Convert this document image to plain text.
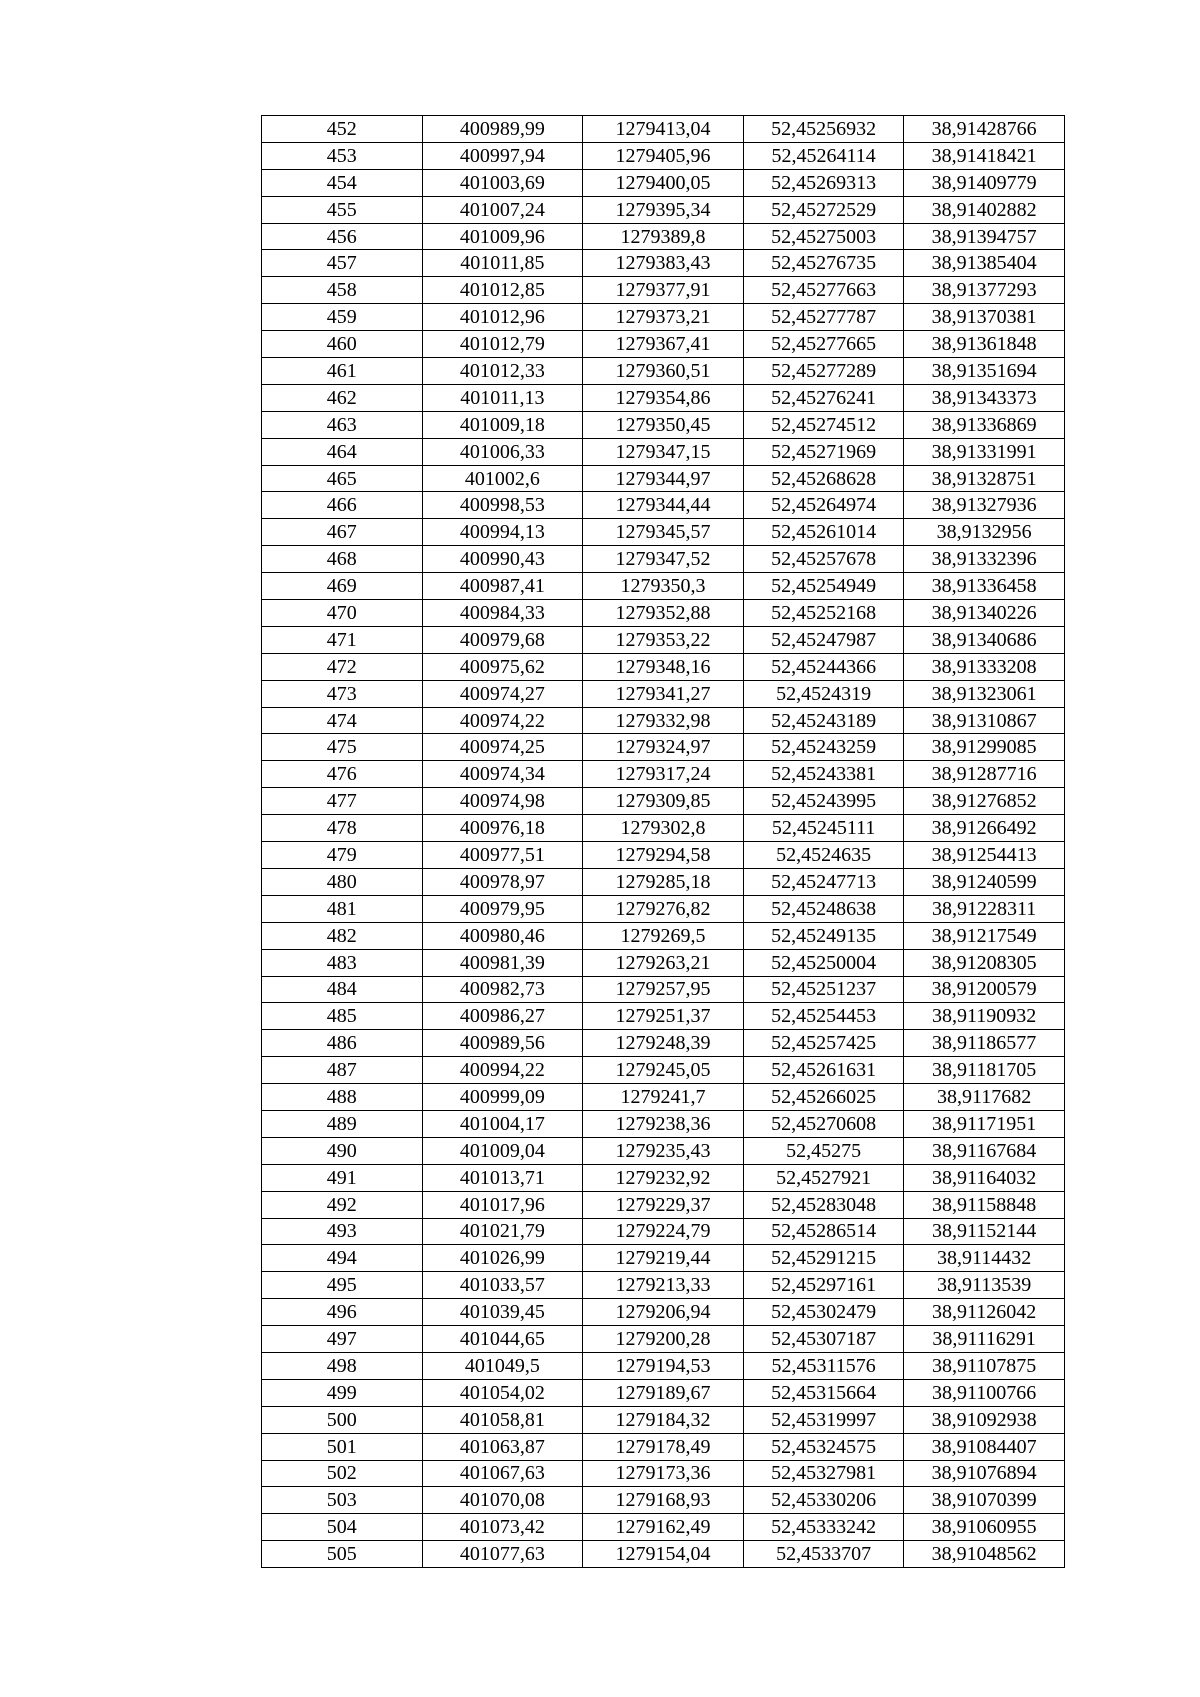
452	400989,99	1279413,04	52,45256932	38,91428766
453	400997,94	1279405,96	52,45264114	38,91418421
454	401003,69	1279400,05	52,45269313	38,91409779
455	401007,24	1279395,34	52,45272529	38,91402882
456	401009,96	1279389,8	52,45275003	38,91394757
457	401011,85	1279383,43	52,45276735	38,91385404
458	401012,85	1279377,91	52,45277663	38,91377293
459	401012,96	1279373,21	52,45277787	38,91370381
460	401012,79	1279367,41	52,45277665	38,91361848
461	401012,33	1279360,51	52,45277289	38,91351694
462	401011,13	1279354,86	52,45276241	38,91343373
463	401009,18	1279350,45	52,45274512	38,91336869
464	401006,33	1279347,15	52,45271969	38,91331991
465	401002,6	1279344,97	52,45268628	38,91328751
466	400998,53	1279344,44	52,45264974	38,91327936
467	400994,13	1279345,57	52,45261014	38,9132956
468	400990,43	1279347,52	52,45257678	38,91332396
469	400987,41	1279350,3	52,45254949	38,91336458
470	400984,33	1279352,88	52,45252168	38,91340226
471	400979,68	1279353,22	52,45247987	38,91340686
472	400975,62	1279348,16	52,45244366	38,91333208
473	400974,27	1279341,27	52,4524319	38,91323061
474	400974,22	1279332,98	52,45243189	38,91310867
475	400974,25	1279324,97	52,45243259	38,91299085
476	400974,34	1279317,24	52,45243381	38,91287716
477	400974,98	1279309,85	52,45243995	38,91276852
478	400976,18	1279302,8	52,45245111	38,91266492
479	400977,51	1279294,58	52,4524635	38,91254413
480	400978,97	1279285,18	52,45247713	38,91240599
481	400979,95	1279276,82	52,45248638	38,91228311
482	400980,46	1279269,5	52,45249135	38,91217549
483	400981,39	1279263,21	52,45250004	38,91208305
484	400982,73	1279257,95	52,45251237	38,91200579
485	400986,27	1279251,37	52,45254453	38,91190932
486	400989,56	1279248,39	52,45257425	38,91186577
487	400994,22	1279245,05	52,45261631	38,91181705
488	400999,09	1279241,7	52,45266025	38,9117682
489	401004,17	1279238,36	52,45270608	38,91171951
490	401009,04	1279235,43	52,45275	38,91167684
491	401013,71	1279232,92	52,4527921	38,91164032
492	401017,96	1279229,37	52,45283048	38,91158848
493	401021,79	1279224,79	52,45286514	38,91152144
494	401026,99	1279219,44	52,45291215	38,9114432
495	401033,57	1279213,33	52,45297161	38,9113539
496	401039,45	1279206,94	52,45302479	38,91126042
497	401044,65	1279200,28	52,45307187	38,91116291
498	401049,5	1279194,53	52,45311576	38,91107875
499	401054,02	1279189,67	52,45315664	38,91100766
500	401058,81	1279184,32	52,45319997	38,91092938
501	401063,87	1279178,49	52,45324575	38,91084407
502	401067,63	1279173,36	52,45327981	38,91076894
503	401070,08	1279168,93	52,45330206	38,91070399
504	401073,42	1279162,49	52,45333242	38,91060955
505	401077,63	1279154,04	52,4533707	38,91048562
